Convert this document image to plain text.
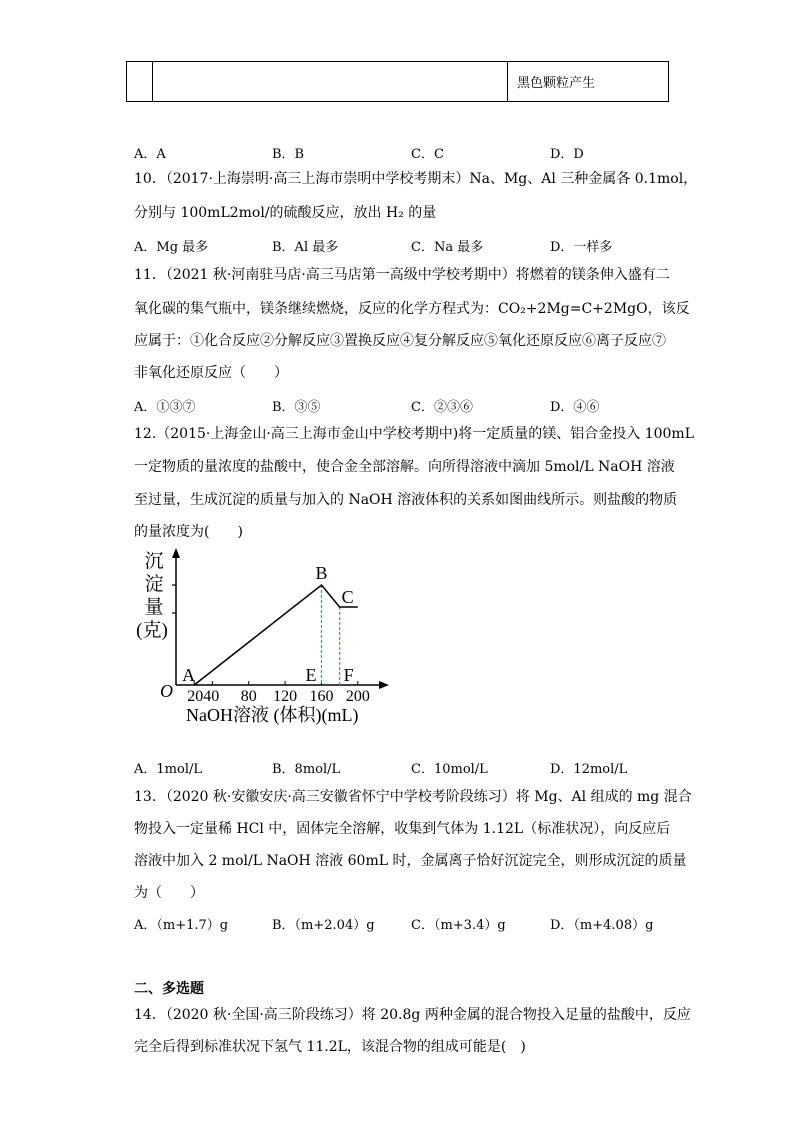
黑色颗粒产生
A．A	B．B	C．C	D．D
10．（2017·上海崇明·高三上海市崇明中学校考期末）Na、Mg、Al 三种金属各 0.1mol，
分别与 100mL2mol/的硫酸反应，放出 H₂ 的量
A．Mg 最多	B．Al 最多	C．Na 最多	D．一样多
11．（2021 秋·河南驻马店·高三马店第一高级中学校考期中）将燃着的镁条伸入盛有二
氧化碳的集气瓶中，镁条继续燃烧，反应的化学方程式为：CO₂+2Mg=C+2MgO，该反
应属于：①化合反应②分解反应③置换反应④复分解反应⑤氧化还原反应⑥离子反应⑦
非氧化还原反应（　　）
A．①③⑦	B．③⑤	C．②③⑥	D．④⑥
12.（2015·上海金山·高三上海市金山中学校考期中)将一定质量的镁、铝合金投入 100mL
一定物质的量浓度的盐酸中，使合金全部溶解。向所得溶液中滴加 5mol/L NaOH 溶液
至过量，生成沉淀的质量与加入的 NaOH 溶液体积的关系如图曲线所示。则盐酸的物质
的量浓度为(　　)
沉
淀
量
(克)
O 2040 80 120 160 200
A
B
C
E F
NaOH溶液 (体积)(mL)
A．1mol/L	B．8mol/L	C．10mol/L	D．12mol/L
13．（2020 秋·安徽安庆·高三安徽省怀宁中学校考阶段练习）将 Mg、Al 组成的 mg 混合
物投入一定量稀 HCl 中，固体完全溶解，收集到气体为 1.12L（标准状况），向反应后
溶液中加入 2 mol/L NaOH 溶液 60mL 时，金属离子恰好沉淀完全，则形成沉淀的质量
为（　　）
A．（m+1.7）g	B．（m+2.04）g	C．（m+3.4）g	D．（m+4.08）g
二、多选题
14．（2020 秋·全国·高三阶段练习）将 20.8g 两种金属的混合物投入足量的盐酸中，反应
完全后得到标准状况下氢气 11.2L，该混合物的组成可能是(　)
